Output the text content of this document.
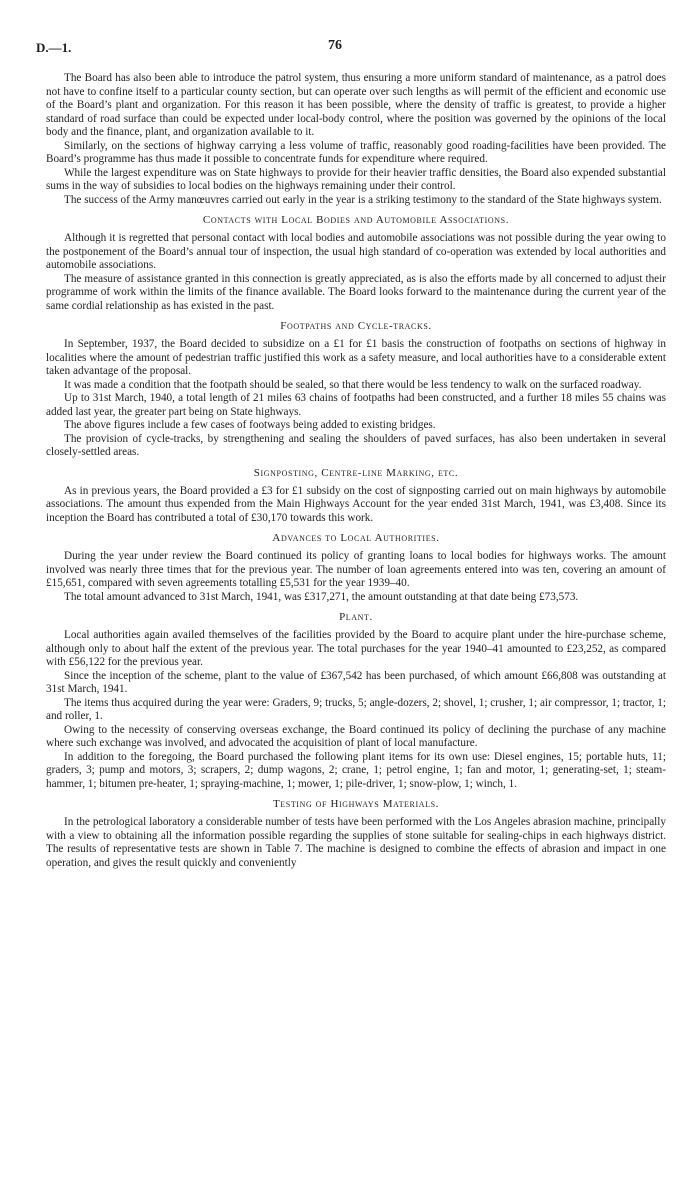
D.—1.	76

The Board has also been able to introduce the patrol system, thus ensuring a more uniform standard of maintenance, as a patrol does not have to confine itself to a particular county section, but can operate over such lengths as will permit of the efficient and economic use of the Board’s plant and organization. For this reason it has been possible, where the density of traffic is greatest, to provide a higher standard of road surface than could be expected under local-body control, where the position was governed by the opinions of the local body and the finance, plant, and organization available to it.

Similarly, on the sections of highway carrying a less volume of traffic, reasonably good roading-facilities have been provided. The Board’s programme has thus made it possible to concentrate funds for expenditure where required.

While the largest expenditure was on State highways to provide for their heavier traffic densities, the Board also expended substantial sums in the way of subsidies to local bodies on the highways remaining under their control.

The success of the Army manœuvres carried out early in the year is a striking testimony to the standard of the State highways system.

Contacts with Local Bodies and Automobile Associations.

Although it is regretted that personal contact with local bodies and automobile associations was not possible during the year owing to the postponement of the Board’s annual tour of inspection, the usual high standard of co-operation was extended by local authorities and automobile associations.

The measure of assistance granted in this connection is greatly appreciated, as is also the efforts made by all concerned to adjust their programme of work within the limits of the finance available. The Board looks forward to the maintenance during the current year of the same cordial relationship as has existed in the past.

Footpaths and Cycle-tracks.

In September, 1937, the Board decided to subsidize on a £1 for £1 basis the construction of footpaths on sections of highway in localities where the amount of pedestrian traffic justified this work as a safety measure, and local authorities have to a considerable extent taken advantage of the proposal.

It was made a condition that the footpath should be sealed, so that there would be less tendency to walk on the surfaced roadway.

Up to 31st March, 1940, a total length of 21 miles 63 chains of footpaths had been constructed, and a further 18 miles 55 chains was added last year, the greater part being on State highways.

The above figures include a few cases of footways being added to existing bridges.

The provision of cycle-tracks, by strengthening and sealing the shoulders of paved surfaces, has also been undertaken in several closely-settled areas.

Signposting, Centre-line Marking, etc.

As in previous years, the Board provided a £3 for £1 subsidy on the cost of signposting carried out on main highways by automobile associations. The amount thus expended from the Main Highways Account for the year ended 31st March, 1941, was £3,408. Since its inception the Board has contributed a total of £30,170 towards this work.

Advances to Local Authorities.

During the year under review the Board continued its policy of granting loans to local bodies for highways works. The amount involved was nearly three times that for the previous year. The number of loan agreements entered into was ten, covering an amount of £15,651, compared with seven agreements totalling £5,531 for the year 1939–40.

The total amount advanced to 31st March, 1941, was £317,271, the amount outstanding at that date being £73,573.

Plant.

Local authorities again availed themselves of the facilities provided by the Board to acquire plant under the hire-purchase scheme, although only to about half the extent of the previous year. The total purchases for the year 1940–41 amounted to £23,252, as compared with £56,122 for the previous year.

Since the inception of the scheme, plant to the value of £367,542 has been purchased, of which amount £66,808 was outstanding at 31st March, 1941.

The items thus acquired during the year were: Graders, 9; trucks, 5; angle-dozers, 2; shovel, 1; crusher, 1; air compressor, 1; tractor, 1; and roller, 1.

Owing to the necessity of conserving overseas exchange, the Board continued its policy of declining the purchase of any machine where such exchange was involved, and advocated the acquisition of plant of local manufacture.

In addition to the foregoing, the Board purchased the following plant items for its own use: Diesel engines, 15; portable huts, 11; graders, 3; pump and motors, 3; scrapers, 2; dump wagons, 2; crane, 1; petrol engine, 1; fan and motor, 1; generating-set, 1; steam-hammer, 1; bitumen pre-heater, 1; spraying-machine, 1; mower, 1; pile-driver, 1; snow-plow, 1; winch, 1.

Testing of Highways Materials.

In the petrological laboratory a considerable number of tests have been performed with the Los Angeles abrasion machine, principally with a view to obtaining all the information possible regarding the supplies of stone suitable for sealing-chips in each highways district. The results of representative tests are shown in Table 7. The machine is designed to combine the effects of abrasion and impact in one operation, and gives the result quickly and conveniently
